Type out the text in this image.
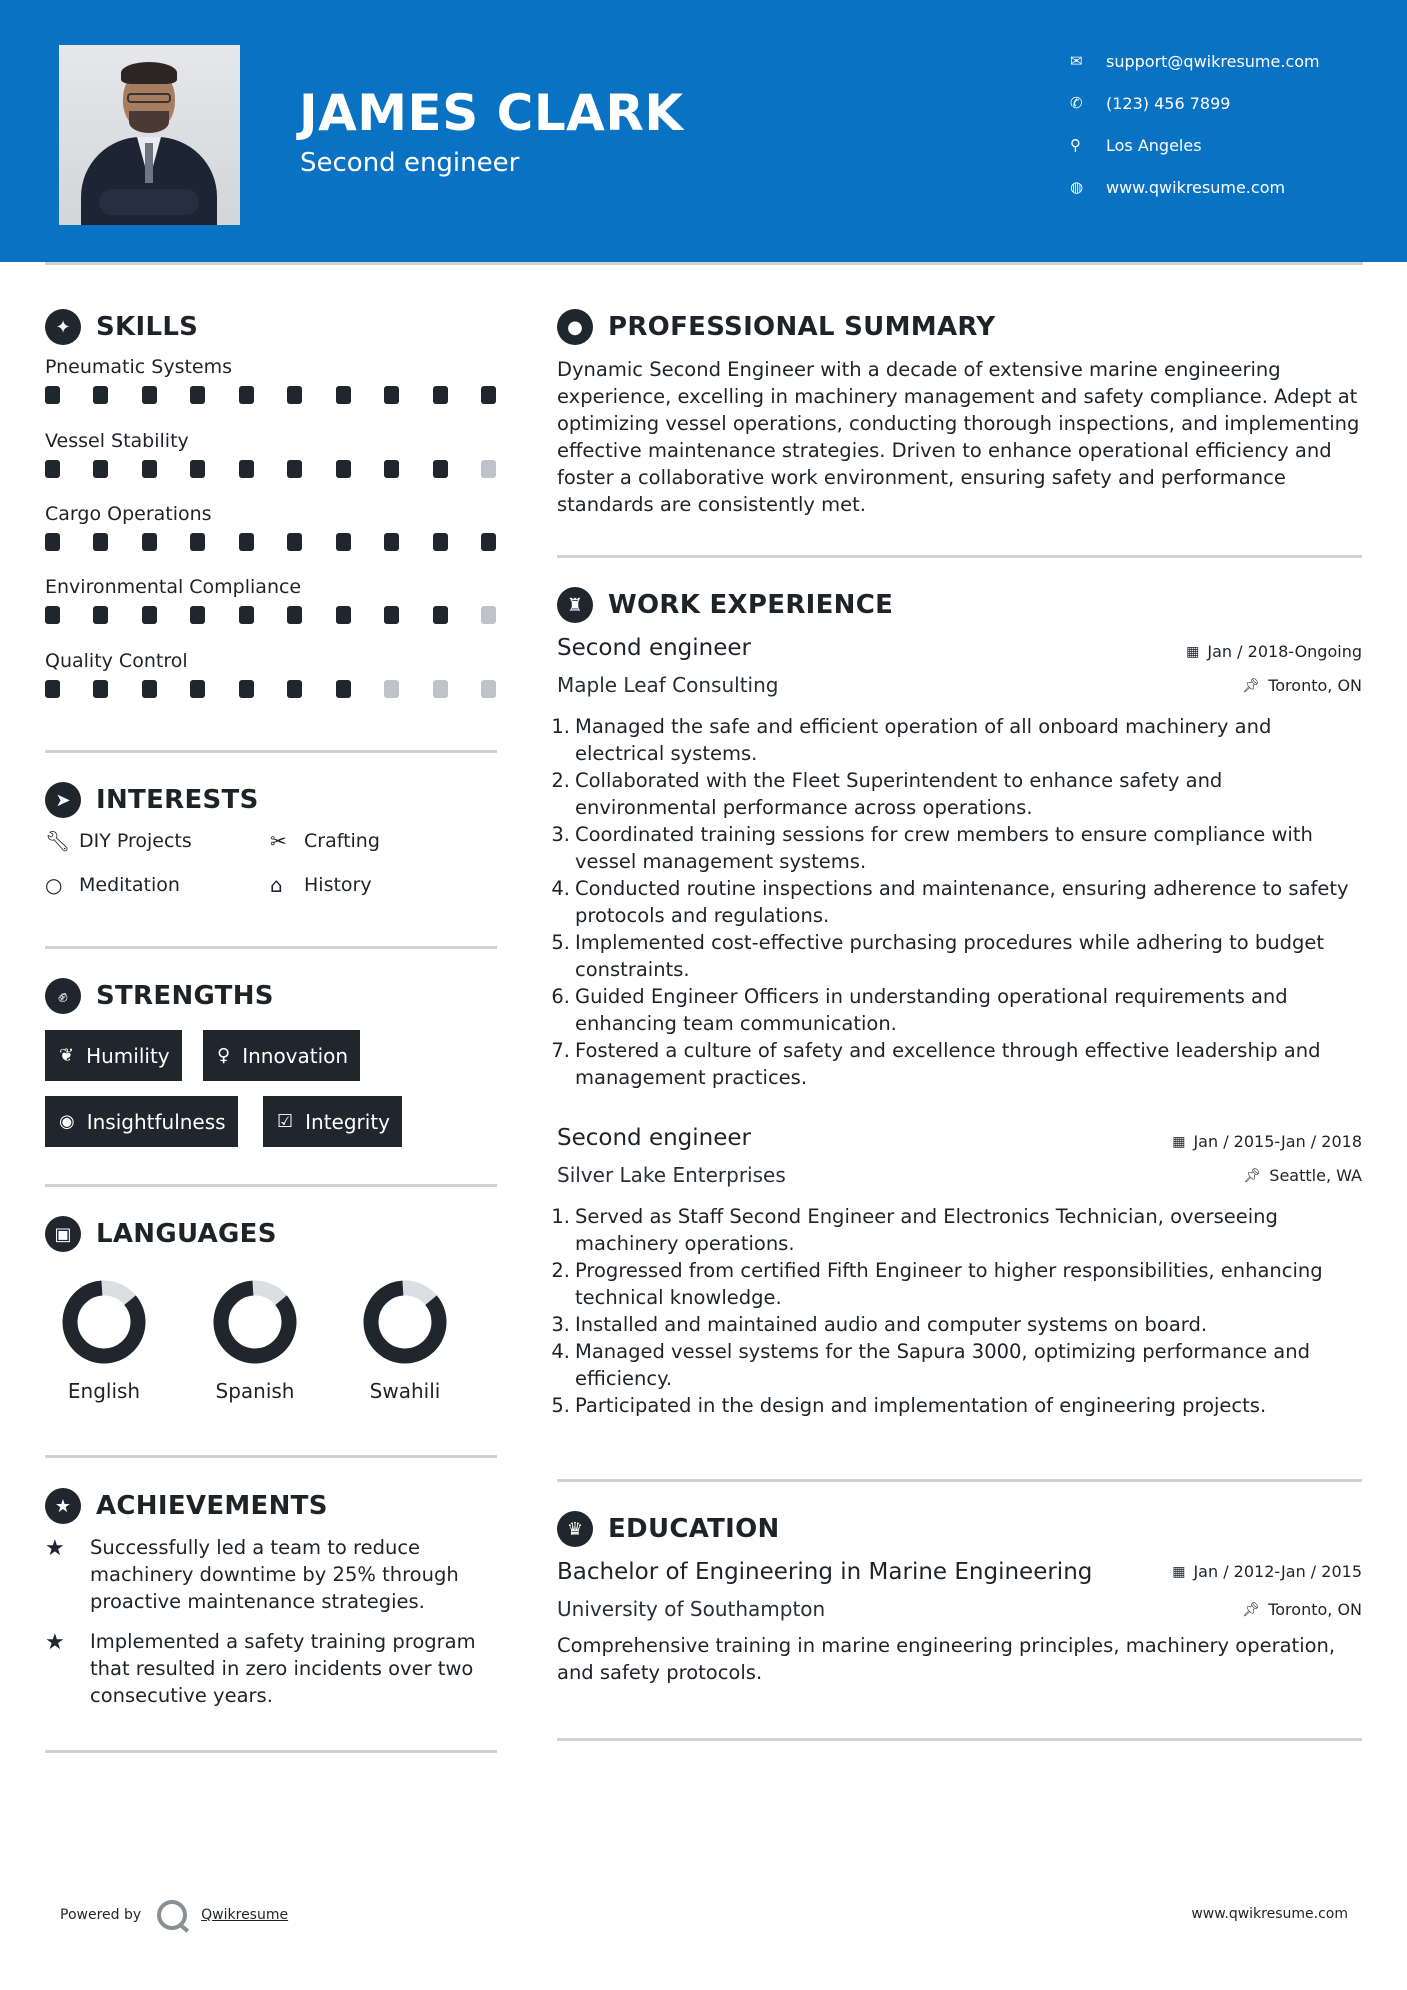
JAMES CLARK
Second engineer
✉	support@qwikresume.com
✆	(123) 456 7899
⚲	Los Angeles
◍	www.qwikresume.com
✦ SKILLS
Pneumatic Systems
Vessel Stability
Cargo Operations
Environmental Compliance
Quality Control
➤ INTERESTS
🔧︎ DIY Projects	✂ Crafting
○ Meditation	⌂	History
✊︎	STRENGTHS
❦ Humility	♀ Innovation
◉ Insightfulness	☑ Integrity
▣ LANGUAGES
English	Spanish	Swahili
★ ACHIEVEMENTS
★	Successfully led a team to reduce machinery downtime by 25% through proactive maintenance strategies.
★	Implemented a safety training program that resulted in zero incidents over two consecutive years.
● PROFESSIONAL SUMMARY
Dynamic Second Engineer with a decade of extensive marine engineering experience, excelling in machinery management and safety compliance. Adept at optimizing vessel operations, conducting thorough inspections, and implementing effective maintenance strategies. Driven to enhance operational efficiency and foster a collaborative work environment, ensuring safety and performance standards are consistently met.
♜ WORK EXPERIENCE
Second engineer	▦ Jan / 2018-Ongoing
Maple Leaf Consulting	📌︎ Toronto, ON
1. Managed the safe and efficient operation of all onboard machinery and electrical systems.
2. Collaborated with the Fleet Superintendent to enhance safety and environmental performance across operations.
3. Coordinated training sessions for crew members to ensure compliance with vessel management systems.
4. Conducted routine inspections and maintenance, ensuring adherence to safety protocols and regulations.
5. Implemented cost-effective purchasing procedures while adhering to budget constraints.
6. Guided Engineer Officers in understanding operational requirements and enhancing team communication.
7. Fostered a culture of safety and excellence through effective leadership and management practices.
Second engineer	▦ Jan / 2015-Jan / 2018
Silver Lake Enterprises	📌︎ Seattle, WA
1. Served as Staff Second Engineer and Electronics Technician, overseeing machinery operations.
2. Progressed from certified Fifth Engineer to higher responsibilities, enhancing technical knowledge.
3. Installed and maintained audio and computer systems on board.
4. Managed vessel systems for the Sapura 3000, optimizing performance and efficiency.
5. Participated in the design and implementation of engineering projects.
♛ EDUCATION
Bachelor of Engineering in Marine Engineering	▦ Jan / 2012-Jan / 2015
University of Southampton	📌︎ Toronto, ON
Comprehensive training in marine engineering principles, machinery operation, and safety protocols.
Powered by	Qwikresume	www.qwikresume.com
